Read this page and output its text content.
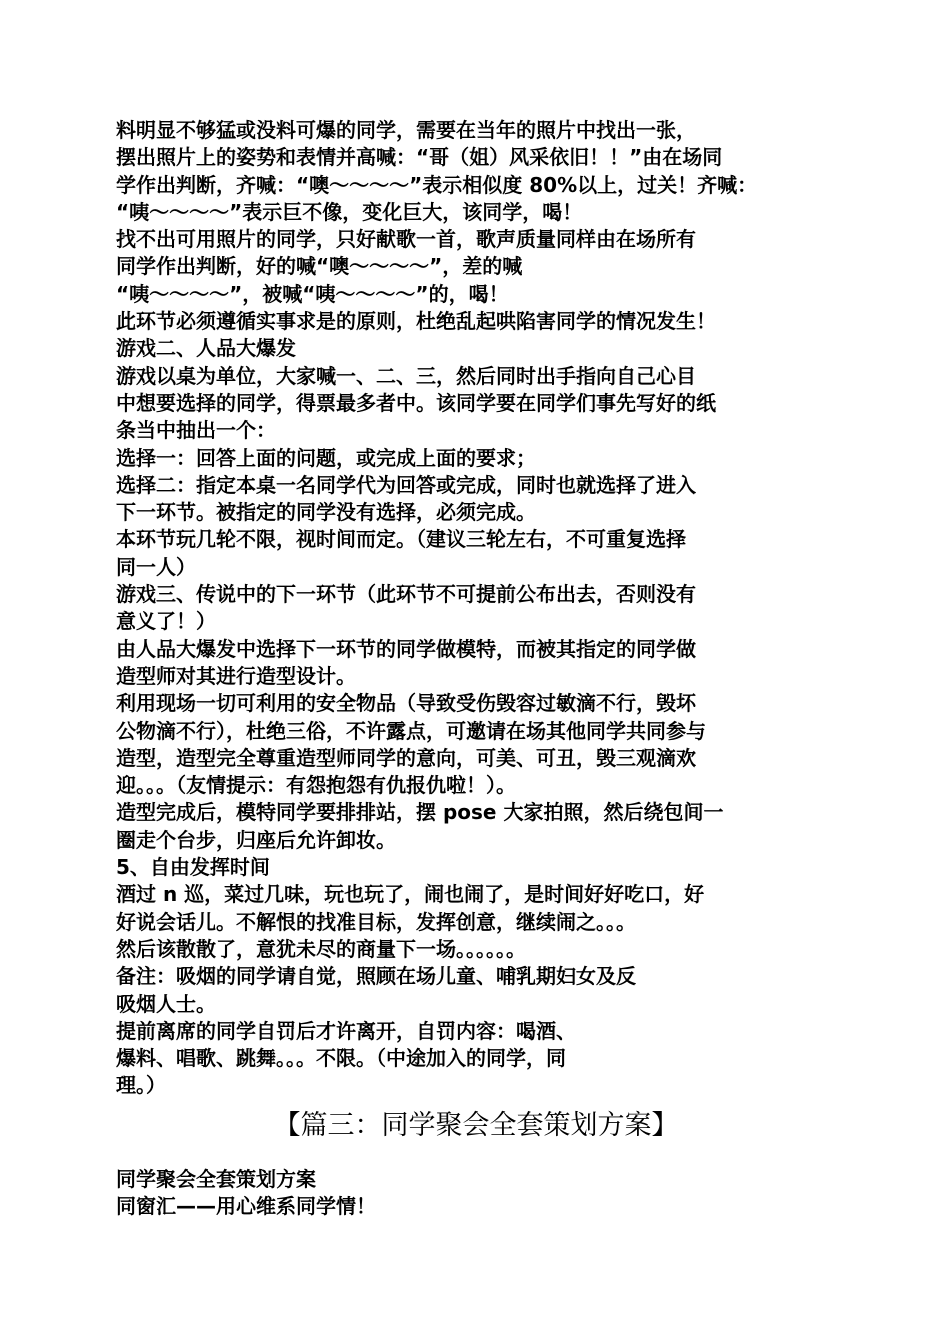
料明显不够猛或没料可爆的同学，需要在当年的照片中找出一张，

摆出照片上的姿势和表情并高喊：“哥（姐）风采依旧！！”由在场同

学作出判断，齐喊：“噢～～～～”表示相似度 80%以上，过关！齐喊：

“咦～～～～”表示巨不像，变化巨大，该同学，喝！

找不出可用照片的同学，只好献歌一首，歌声质量同样由在场所有

同学作出判断，好的喊“噢～～～～”，差的喊

“咦～～～～”，被喊“咦～～～～”的，喝！

此环节必须遵循实事求是的原则，杜绝乱起哄陷害同学的情况发生！

游戏二、人品大爆发

游戏以桌为单位，大家喊一、二、三，然后同时出手指向自己心目

中想要选择的同学，得票最多者中。该同学要在同学们事先写好的纸

条当中抽出一个：

选择一：回答上面的问题，或完成上面的要求；

选择二：指定本桌一名同学代为回答或完成，同时也就选择了进入

下一环节。被指定的同学没有选择，必须完成。

本环节玩几轮不限，视时间而定。（建议三轮左右，不可重复选择

同一人）

游戏三、传说中的下一环节（此环节不可提前公布出去，否则没有

意义了！）

由人品大爆发中选择下一环节的同学做模特，而被其指定的同学做

造型师对其进行造型设计。

利用现场一切可利用的安全物品（导致受伤毁容过敏滴不行，毁坏

公物滴不行），杜绝三俗，不许露点，可邀请在场其他同学共同参与

造型，造型完全尊重造型师同学的意向，可美、可丑，毁三观滴欢

迎。。。（友情提示：有怨抱怨有仇报仇啦！）。

造型完成后，模特同学要排排站，摆 pose 大家拍照，然后绕包间一

圈走个台步，归座后允许卸妆。

5、自由发挥时间

酒过 n 巡，菜过几味，玩也玩了，闹也闹了，是时间好好吃口，好

好说会话儿。不解恨的找准目标，发挥创意，继续闹之。。。

然后该散散了，意犹未尽的商量下一场。。。。。。

备注：吸烟的同学请自觉，照顾在场儿童、哺乳期妇女及反

吸烟人士。

提前离席的同学自罚后才许离开，自罚内容：喝酒、

爆料、唱歌、跳舞。。。不限。（中途加入的同学，同

理。）

【篇三：同学聚会全套策划方案】

同学聚会全套策划方案

同窗汇——用心维系同学情！
